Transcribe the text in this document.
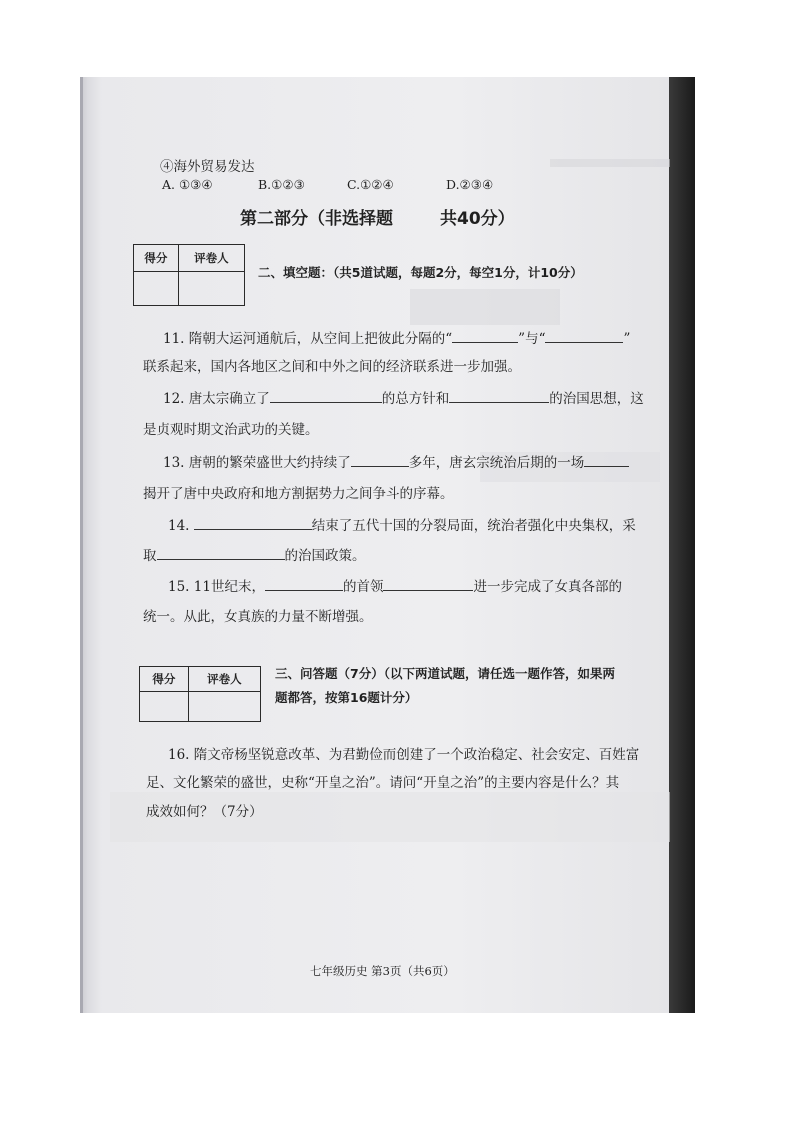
④海外贸易发达
A. ①③④	B.①②③	C.①②④	D.②③④
第二部分（非选择题	共40分）
得分	评卷人

二、填空题：（共5道试题，每题2分，每空1分，计10分）
11. 隋朝大运河通航后，从空间上把彼此分隔的“	”与“	”
联系起来，国内各地区之间和中外之间的经济联系进一步加强。
12. 唐太宗确立了	的总方针和	的治国思想，这
是贞观时期文治武功的关键。
13. 唐朝的繁荣盛世大约持续了	多年，唐玄宗统治后期的一场
揭开了唐中央政府和地方割据势力之间争斗的序幕。
14.	结束了五代十国的分裂局面，统治者强化中央集权，采
取	的治国政策。
15. 11世纪末，	的首领	进一步完成了女真各部的
统一。从此，女真族的力量不断增强。
得分	评卷人
		三、问答题（7分）（以下两道试题，请任选一题作答，如果两
题都答，按第16题计分）
16. 隋文帝杨坚锐意改革、为君勤俭而创建了一个政治稳定、社会安定、百姓富
足、文化繁荣的盛世，史称“开皇之治”。请问“开皇之治”的主要内容是什么？其
成效如何？（7分）
七年级历史 第3页（共6页）
